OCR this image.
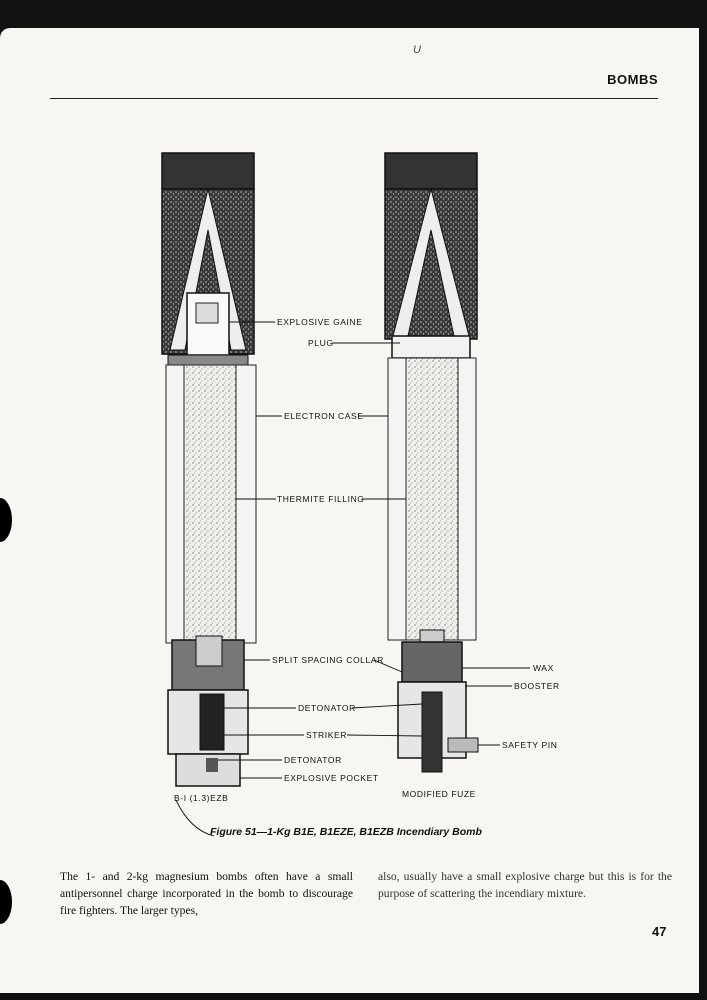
U
BOMBS
EXPLOSIVE GAINE
PLUG
ELECTRON CASE
THERMITE FILLING
SPLIT SPACING COLLAR
WAX
BOOSTER
DETONATOR
STRIKER
SAFETY PIN
DETONATOR
EXPLOSIVE POCKET
B-I (1.3)EZB	MODIFIED FUZE
Figure 51—1-Kg B1E, B1EZE, B1EZB Incendiary Bomb
The 1- and 2-kg magnesium bombs often have a small antipersonnel charge incorporated in the bomb to discourage fire fighters. The larger types,
also, usually have a small explosive charge but this is for the purpose of scattering the incendiary mixture.
47
